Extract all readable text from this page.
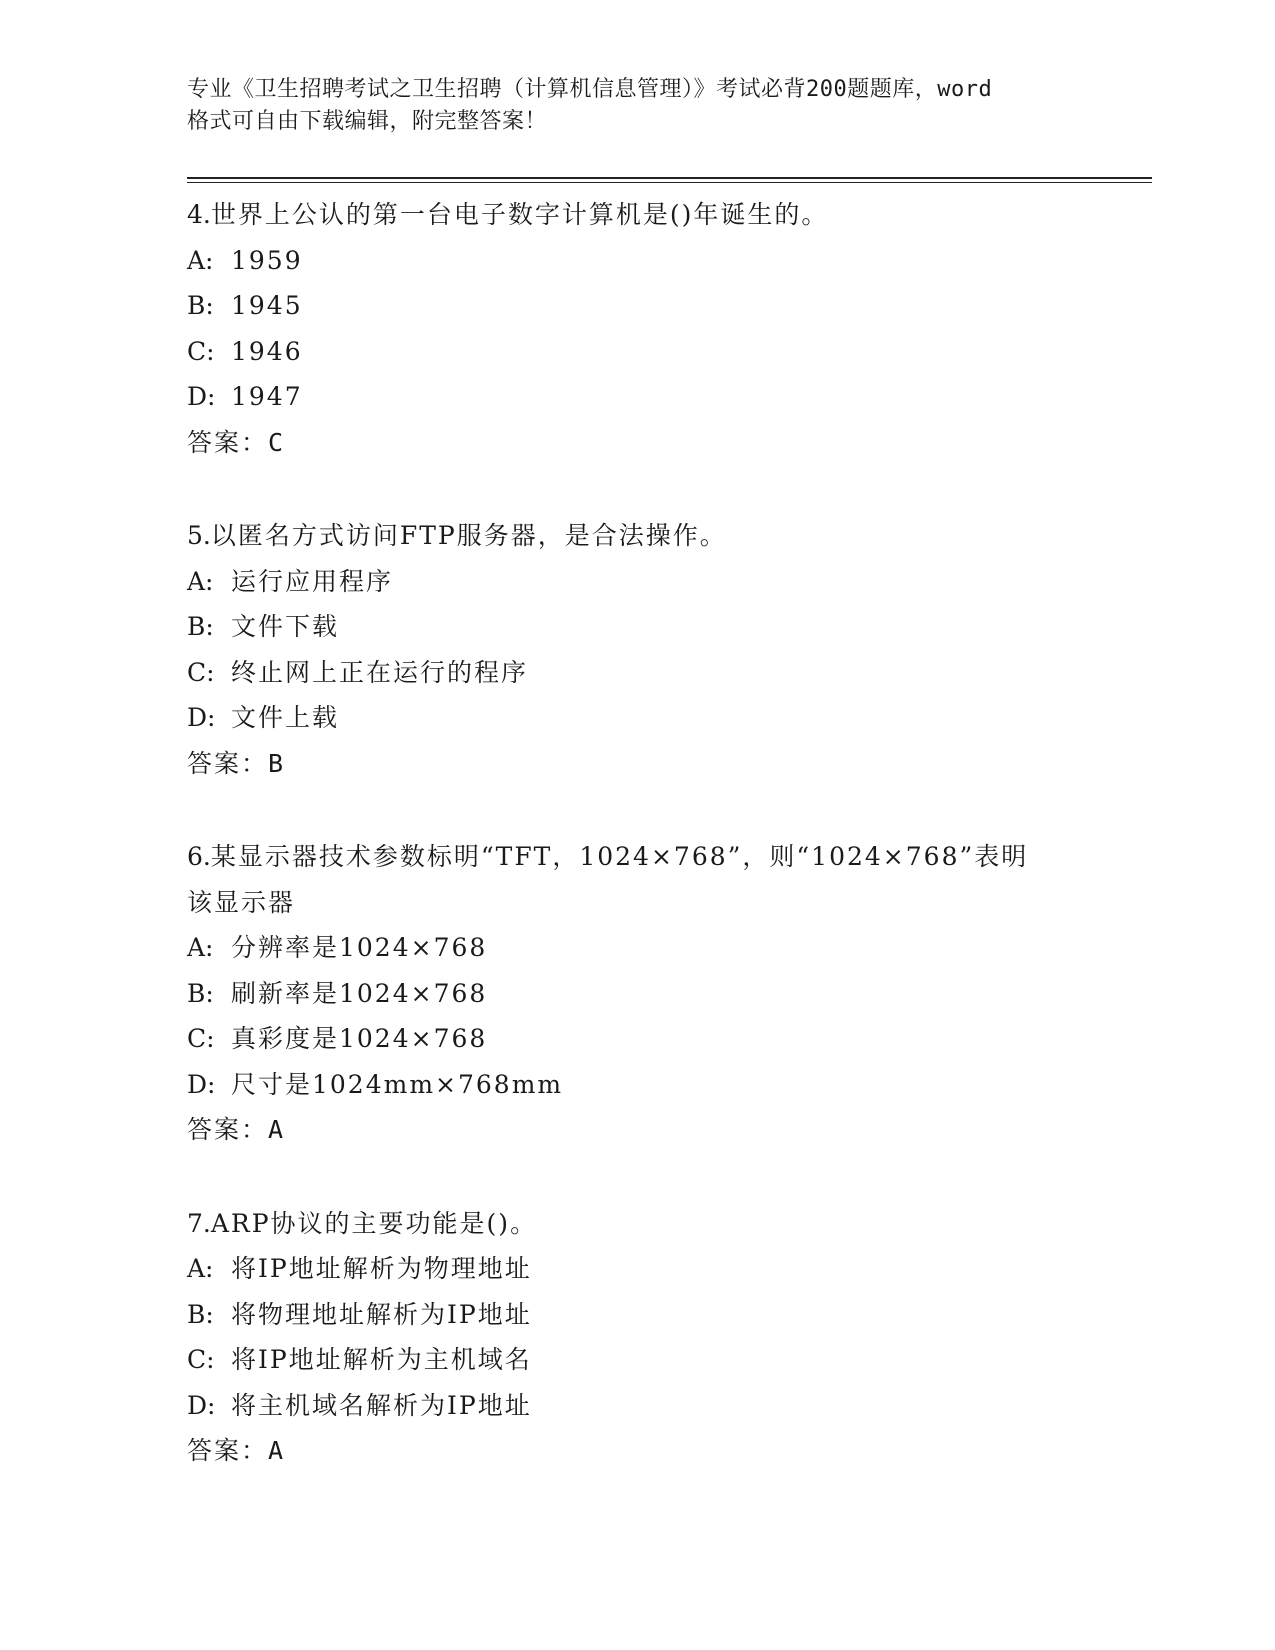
专业《卫生招聘考试之卫生招聘（计算机信息管理）》考试必背200题题库，word
格式可自由下载编辑，附完整答案！
4.世界上公认的第一台电子数字计算机是()年诞生的。
A: 1959
B: 1945
C: 1946
D: 1947
答案：C
5.以匿名方式访问FTP服务器，是合法操作。
A: 运行应用程序
B: 文件下载
C: 终止网上正在运行的程序
D: 文件上载
答案：B
6.某显示器技术参数标明“TFT，1024×768”，则“1024×768”表明
该显示器
A: 分辨率是1024×768
B: 刷新率是1024×768
C: 真彩度是1024×768
D: 尺寸是1024mm×768mm
答案：A
7.ARP协议的主要功能是()。
A: 将IP地址解析为物理地址
B: 将物理地址解析为IP地址
C: 将IP地址解析为主机域名
D: 将主机域名解析为IP地址
答案：A
